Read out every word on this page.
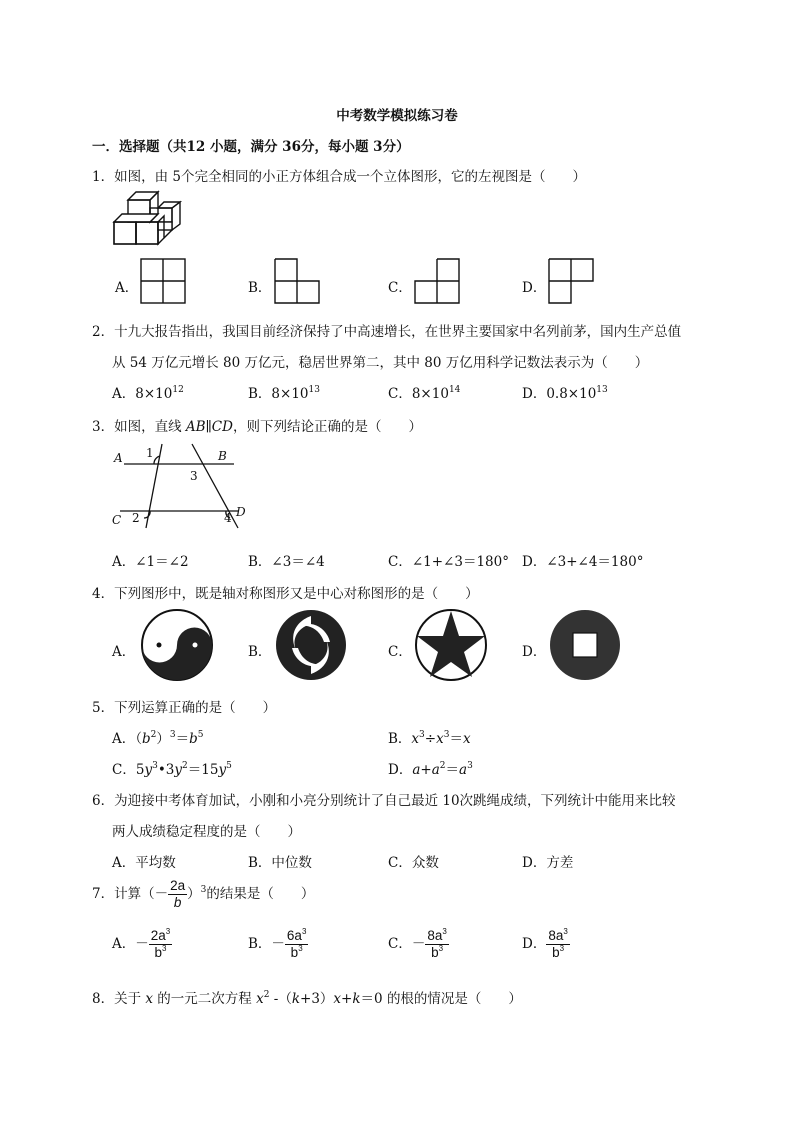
中考数学模拟练习卷
一．选择题（共12 小题，满分 36分，每小题 3分）
1．如图，由 5个完全相同的小正方体组合成一个立体图形，它的左视图是（　　）
A．	B．	C．	D．
2．十九大报告指出，我国目前经济保持了中高速增长，在世界主要国家中名列前茅，国内生产总值
从 54 万亿元增长 80 万亿元，稳居世界第二，其中 80 万亿用科学记数法表示为（　　）
A．$8\times 10^{12}$	B．$8\times 10^{13}$	C．$8\times 10^{14}$	D．$0.8\times 10^{13}$
3．如图，直线 AB∥CD，则下列结论正确的是（　　）
A	B
C
D
1
2
3
4
A．∠1＝∠2	B．∠3＝∠4	C．∠1+∠3＝180° D．∠3+∠4＝180°
4．下列图形中，既是轴对称图形又是中心对称图形的是（　　）
A．	B．	C．	D．
5．下列运算正确的是（　　）
A．$(b^2)^3=b^5$	B．$x^3\div x^3=x$
C．$5y^3•3y^2=15y^5$	D．$a+a^2=a^3$
6．为迎接中考体育加试，小刚和小亮分别统计了自己最近 10次跳绳成绩，下列统计中能用来比较
两人成绩稳定程度的是（　　）
A．平均数	B．中位数	C．众数	D．方差
7．计算（－ $\frac{2a}{b} )^3$的结果是（　　）
A．－ $\frac{2a^3}{b^3}$	B．－ $\frac{6a^3}{b^3}$	C．－ $\frac{8a^3}{b^3}$	D． $\frac{8a^3}{b^3}$
8．关于 x 的一元二次方程 $x^2$ -（k+3）x+k＝0 的根的情况是（　　）
